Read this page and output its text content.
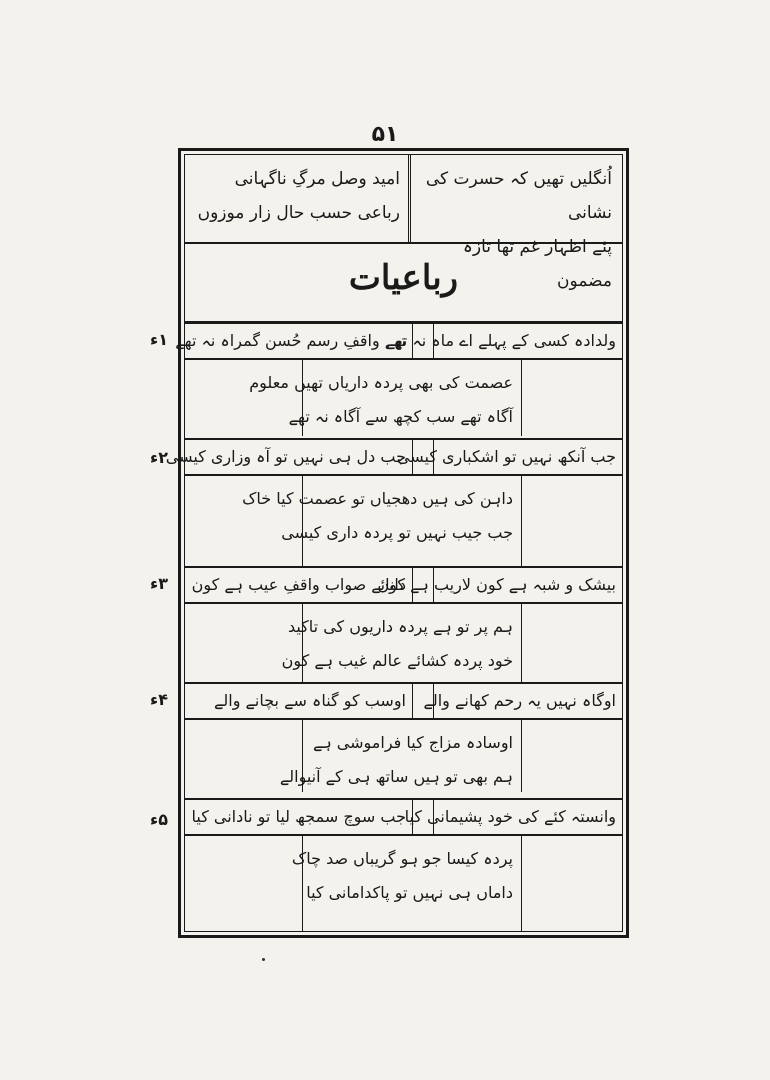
۵۱
اُنگلیں تھیں کہ حسرت کی نشانی
پئے اظہار غم تھا تازہ مضمون
امید وصل مرگِ ناگہانی
رباعی حسب حال زار موزوں
رباعیات
۱ء	ولدادہ کسی کے پہلے اے ماہ نہ تھے
تھے واقفِ رسم حُسن گمراہ نہ تھے
عصمت کی بھی پردہ داریاں تھیں معلوم
آگاہ تھے سب کچھ سے آگاہ نہ تھے
۲ء	جب آنکھ نہیں تو اشکباری کیسی
جب دل ہی نہیں تو آہ وزاری کیسی
داہن کی ہیں دھجیاں تو عصمت کیا خاک
جب جیب نہیں تو پردہ داری کیسی
۳ء	بیشک و شبہ ہے کون لاریب ہے کون
دانائے صواب واقفِ عیب ہے کون
ہم پر تو ہے پردہ داریوں کی تاکید
خود پردہ کشائے عالم غیب ہے کون
۴ء	اوگاہ نہیں یہ رحم کھانے والے
اوسب کو گناہ سے بچانے والے
اوسادہ مزاج کیا فراموشی ہے
ہم بھی تو ہیں ساتھ ہی کے آنیوالے
۵ء	وانستہ کئے کی خود پشیمانی کیا
جب سوچ سمجھ لیا تو نادانی کیا
پردہ کیسا جو ہو گریباں صد چاک
داماں ہی نہیں تو پاکدامانی کیا
